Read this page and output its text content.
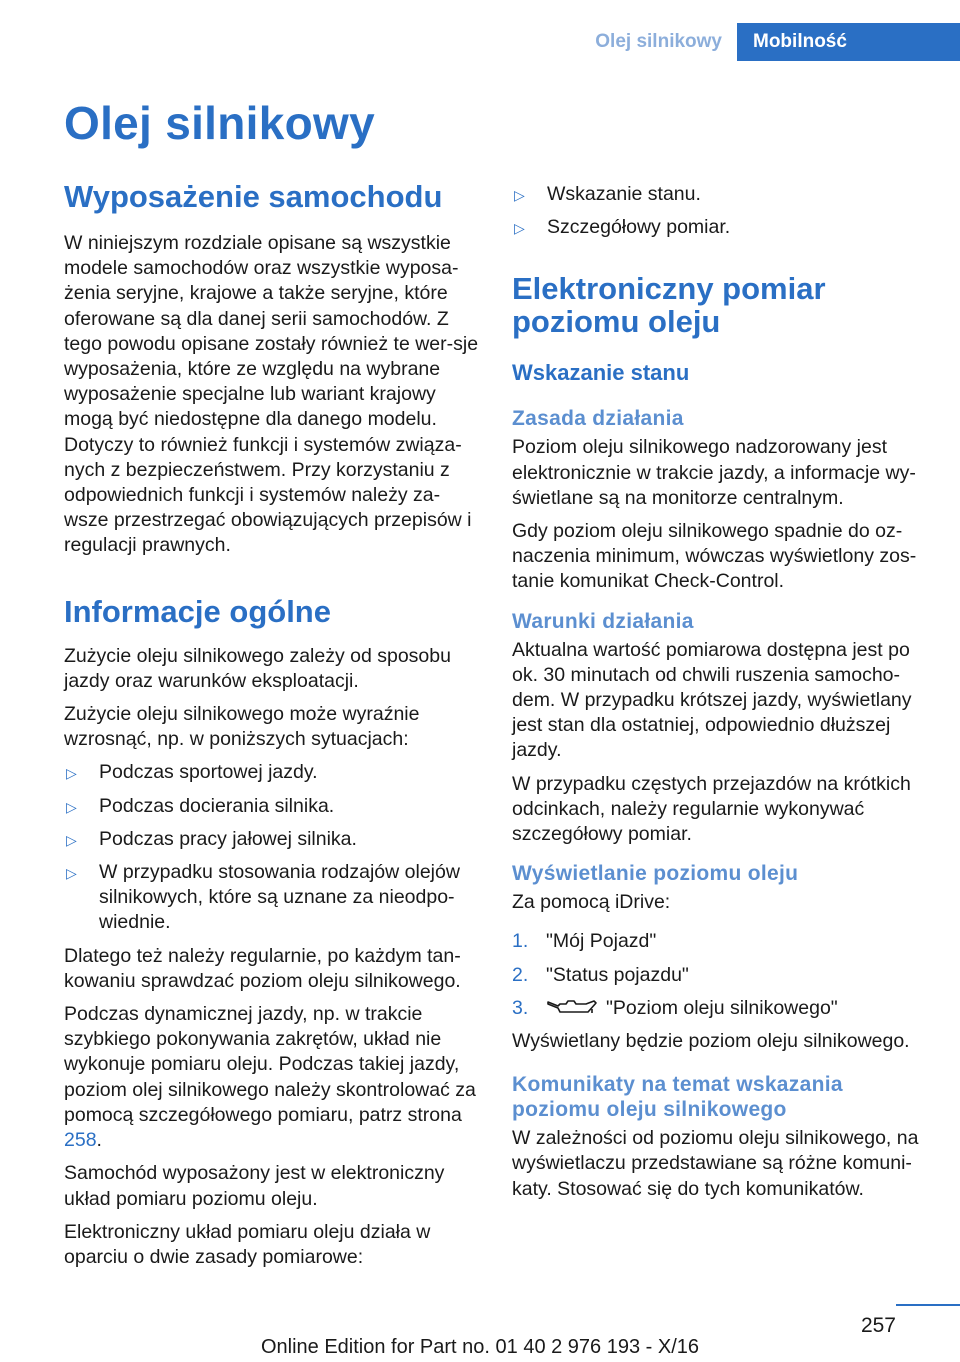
Olej silnikowy	Mobilność
Olej silnikowy
Wyposażenie samochodu

W niniejszym rozdziale opisane są wszystkie modele samochodów oraz wszystkie wyposa-żenia seryjne, krajowe a także seryjne, które oferowane są dla danej serii samochodów. Z tego powodu opisane zostały również te wer-sje wyposażenia, które ze względu na wybrane wyposażenie specjalne lub wariant krajowy mogą być niedostępne dla danego modelu. Dotyczy to również funkcji i systemów związa-nych z bezpieczeństwem. Przy korzystaniu z odpowiednich funkcji i systemów należy za-wsze przestrzegać obowiązujących przepisów i regulacji prawnych.

Informacje ogólne

Zużycie oleju silnikowego zależy od sposobu jazdy oraz warunków eksploatacji.

Zużycie oleju silnikowego może wyraźnie wzrosnąć, np. w poniższych sytuacjach:

▷ Podczas sportowej jazdy.
▷ Podczas docierania silnika.
▷ Podczas pracy jałowej silnika.
▷ W przypadku stosowania rodzajów olejów silnikowych, które są uznane za nieodpo-wiednie.

Dlatego też należy regularnie, po każdym tan-kowaniu sprawdzać poziom oleju silnikowego.

Podczas dynamicznej jazdy, np. w trakcie szybkiego pokonywania zakrętów, układ nie wykonuje pomiaru oleju. Podczas takiej jazdy, poziom olej silnikowego należy skontrolować za pomocą szczegółowego pomiaru, patrz strona 258.

Samochód wyposażony jest w elektroniczny układ pomiaru poziomu oleju.

Elektroniczny układ pomiaru oleju działa w oparciu o dwie zasady pomiarowe:

▷ Wskazanie stanu.
▷ Szczegółowy pomiar.
Elektroniczny pomiar poziomu oleju
Wskazanie stanu
Zasada działania

Poziom oleju silnikowego nadzorowany jest elektronicznie w trakcie jazdy, a informacje wy-świetlane są na monitorze centralnym.

Gdy poziom oleju silnikowego spadnie do oz-naczenia minimum, wówczas wyświetlony zos-tanie komunikat Check-Control.

Warunki działania

Aktualna wartość pomiarowa dostępna jest po ok. 30 minutach od chwili ruszenia samocho-dem. W przypadku krótszej jazdy, wyświetlany jest stan dla ostatniej, odpowiednio dłuższej jazdy.

W przypadku częstych przejazdów na krótkich odcinkach, należy regularnie wykonywać szczegółowy pomiar.

Wyświetlanie poziomu oleju

Za pomocą iDrive:

1. "Mój Pojazd"
2. "Status pojazdu"
3.	"Poziom oleju silnikowego"

Wyświetlany będzie poziom oleju silnikowego.

Komunikaty na temat wskazania poziomu oleju silnikowego

W zależności od poziomu oleju silnikowego, na wyświetlaczu przedstawiane są różne komuni-katy. Stosować się do tych komunikatów.

257
Online Edition for Part no. 01 40 2 976 193 - X/16
